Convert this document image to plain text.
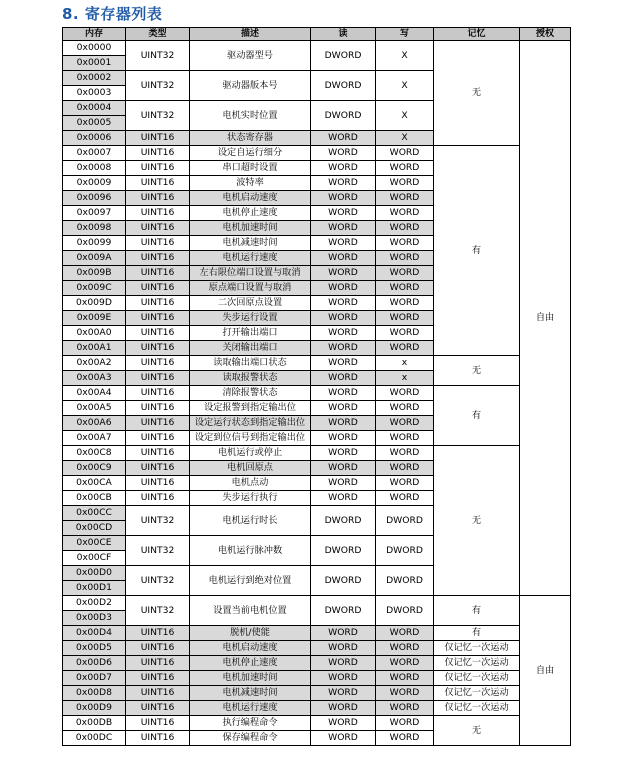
8. 寄存器列表
内存	类型	描述	读	写	记忆	授权
0x0000	UINT32	驱动器型号	DWORD	X	无	自由
0x0001						
0x0002	UINT32	驱动器版本号	DWORD	X		
0x0003						
0x0004	UINT32	电机实时位置	DWORD	X		
0x0005						
0x0006	UINT16	状态寄存器	WORD	X		
0x0007	UINT16	设定自运行细分	WORD	WORD	有	
0x0008	UINT16	串口超时设置	WORD	WORD		
0x0009	UINT16	波特率	WORD	WORD		
0x0096	UINT16	电机启动速度	WORD	WORD		
0x0097	UINT16	电机停止速度	WORD	WORD		
0x0098	UINT16	电机加速时间	WORD	WORD		
0x0099	UINT16	电机减速时间	WORD	WORD		
0x009A	UINT16	电机运行速度	WORD	WORD		
0x009B	UINT16	左右限位端口设置与取消	WORD	WORD		
0x009C	UINT16	原点端口设置与取消	WORD	WORD		
0x009D	UINT16	二次回原点设置	WORD	WORD		
0x009E	UINT16	失步运行设置	WORD	WORD		
0x00A0	UINT16	打开输出端口	WORD	WORD		
0x00A1	UINT16	关闭输出端口	WORD	WORD		
0x00A2	UINT16	读取输出端口状态	WORD	x	无	
0x00A3	UINT16	读取报警状态	WORD	x		
0x00A4	UINT16	清除报警状态	WORD	WORD	有	
0x00A5	UINT16	设定报警到指定输出位	WORD	WORD		
0x00A6	UINT16	设定运行状态到指定输出位	WORD	WORD		
0x00A7	UINT16	设定到位信号到指定输出位	WORD	WORD		
0x00C8	UINT16	电机运行或停止	WORD	WORD	无	
0x00C9	UINT16	电机回原点	WORD	WORD		
0x00CA	UINT16	电机点动	WORD	WORD		
0x00CB	UINT16	失步运行执行	WORD	WORD		
0x00CC	UINT32	电机运行时长	DWORD	DWORD		
0x00CD						
0x00CE	UINT32	电机运行脉冲数	DWORD	DWORD		
0x00CF						
0x00D0	UINT32	电机运行到绝对位置	DWORD	DWORD		
0x00D1						
0x00D2	UINT32	设置当前电机位置	DWORD	DWORD	有	自由
0x00D3						
0x00D4	UINT16	脱机/使能	WORD	WORD	有	
0x00D5	UINT16	电机启动速度	WORD	WORD	仅记忆一次运动	
0x00D6	UINT16	电机停止速度	WORD	WORD	仅记忆一次运动	
0x00D7	UINT16	电机加速时间	WORD	WORD	仅记忆一次运动	
0x00D8	UINT16	电机减速时间	WORD	WORD	仅记忆一次运动	
0x00D9	UINT16	电机运行速度	WORD	WORD	仅记忆一次运动	
0x00DB	UINT16	执行编程命令	WORD	WORD	无	
0x00DC	UINT16	保存编程命令	WORD	WORD		
